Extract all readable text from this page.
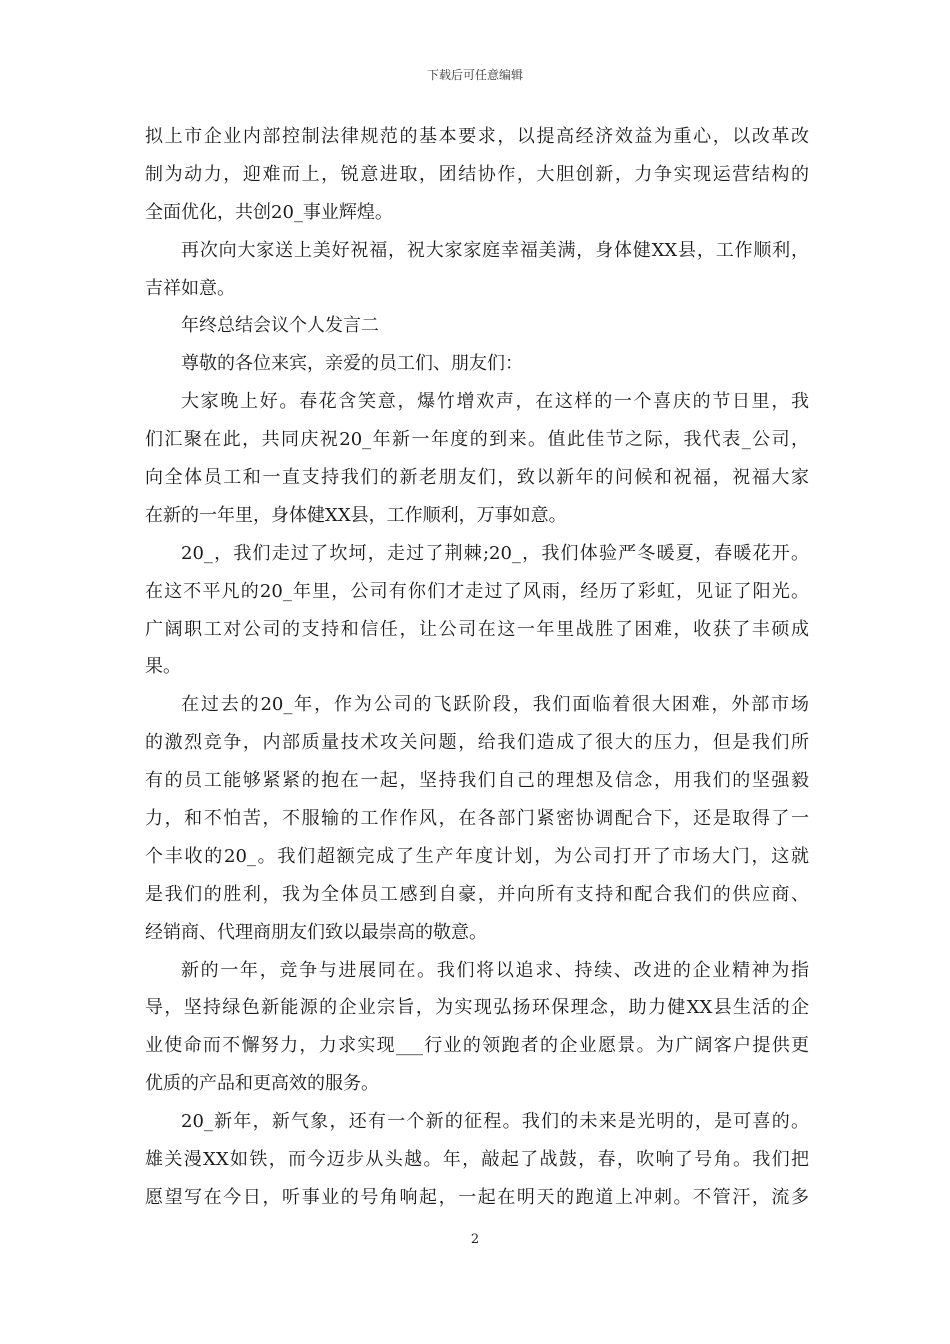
下载后可任意编辑
拟上市企业内部控制法律规范的基本要求，以提高经济效益为重心，以改革改
制为动力，迎难而上，锐意进取，团结协作，大胆创新，力争实现运营结构的
全面优化，共创20_事业辉煌。
再次向大家送上美好祝福，祝大家家庭幸福美满，身体健XX县，工作顺利，
吉祥如意。
年终总结会议个人发言二
尊敬的各位来宾，亲爱的员工们、朋友们：
大家晚上好。春花含笑意，爆竹增欢声，在这样的一个喜庆的节日里，我
们汇聚在此，共同庆祝20_年新一年度的到来。值此佳节之际，我代表_公司，
向全体员工和一直支持我们的新老朋友们，致以新年的问候和祝福，祝福大家
在新的一年里，身体健XX县，工作顺利，万事如意。
20_，我们走过了坎坷，走过了荆棘;20_，我们体验严冬暖夏，春暖花开。
在这不平凡的20_年里，公司有你们才走过了风雨，经历了彩虹，见证了阳光。
广阔职工对公司的支持和信任，让公司在这一年里战胜了困难，收获了丰硕成
果。
在过去的20_年，作为公司的飞跃阶段，我们面临着很大困难，外部市场
的激烈竞争，内部质量技术攻关问题，给我们造成了很大的压力，但是我们所
有的员工能够紧紧的抱在一起，坚持我们自己的理想及信念，用我们的坚强毅
力，和不怕苦，不服输的工作作风，在各部门紧密协调配合下，还是取得了一
个丰收的20_。我们超额完成了生产年度计划，为公司打开了市场大门，这就
是我们的胜利，我为全体员工感到自豪，并向所有支持和配合我们的供应商、
经销商、代理商朋友们致以最崇高的敬意。
新的一年，竞争与进展同在。我们将以追求、持续、改进的企业精神为指
导，坚持绿色新能源的企业宗旨，为实现弘扬环保理念，助力健XX县生活的企
业使命而不懈努力，力求实现___行业的领跑者的企业愿景。为广阔客户提供更
优质的产品和更高效的服务。
20_新年，新气象，还有一个新的征程。我们的未来是光明的，是可喜的。
雄关漫XX如铁，而今迈步从头越。年，敲起了战鼓，春，吹响了号角。我们把
愿望写在今日，听事业的号角响起，一起在明天的跑道上冲刺。不管汗，流多
2
